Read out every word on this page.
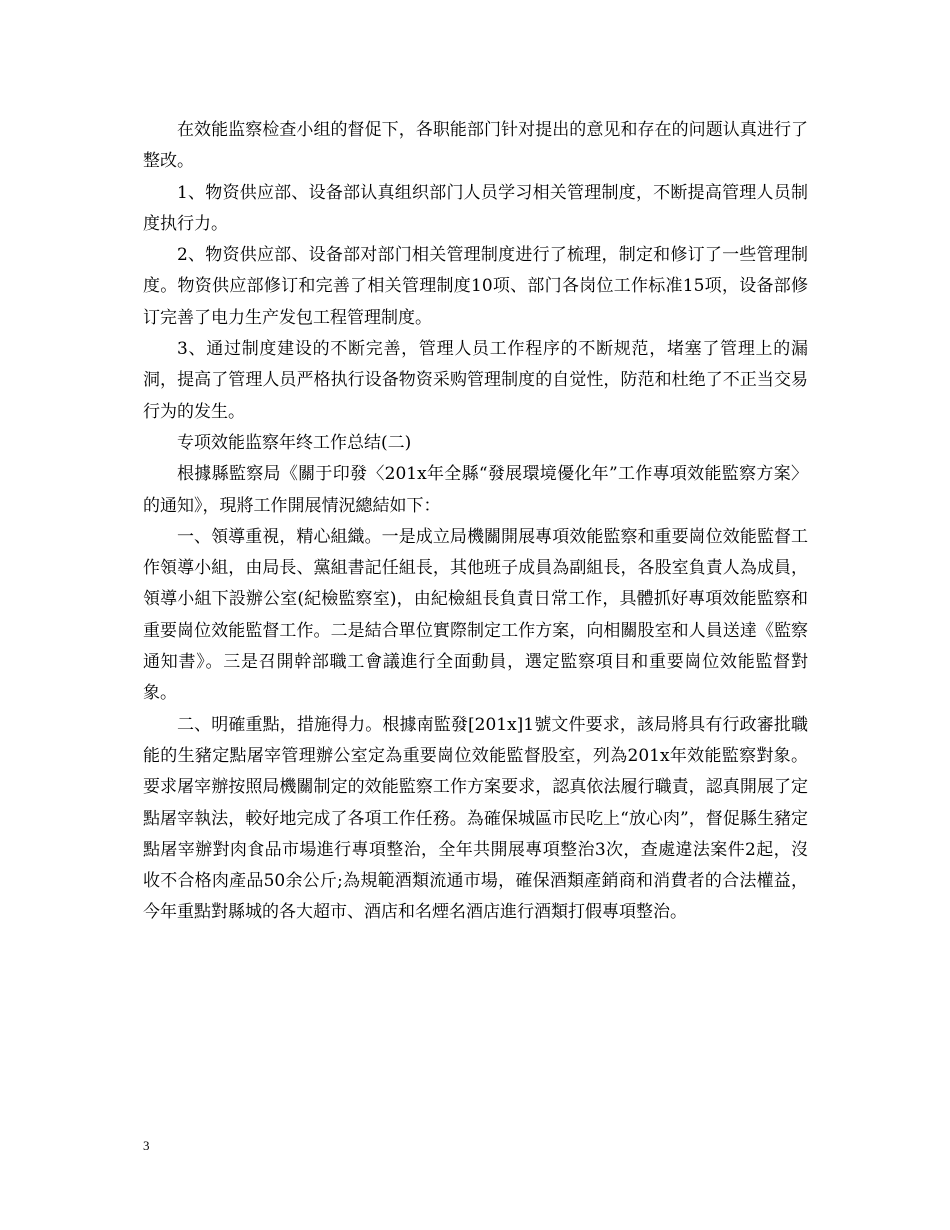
在效能监察检查小组的督促下，各职能部门针对提出的意见和存在的问题认真进行了整改。

1、物资供应部、设备部认真组织部门人员学习相关管理制度，不断提高管理人员制度执行力。

2、物资供应部、设备部对部门相关管理制度进行了梳理，制定和修订了一些管理制度。物资供应部修订和完善了相关管理制度10项、部门各岗位工作标准15项，设备部修订完善了电力生产发包工程管理制度。

3、通过制度建设的不断完善，管理人员工作程序的不断规范，堵塞了管理上的漏洞，提高了管理人员严格执行设备物资采购管理制度的自觉性，防范和杜绝了不正当交易行为的发生。

专项效能监察年终工作总结(二)

根據縣監察局《關于印發〈201x年全縣“發展環境優化年”工作專項效能監察方案〉的通知》，現將工作開展情況總結如下：

一、領導重視，精心組織。一是成立局機關開展專項效能監察和重要崗位效能監督工作領導小組，由局長、黨組書記任組長，其他班子成員為副組長，各股室負責人為成員，領導小組下設辦公室(紀檢監察室)，由紀檢組長負責日常工作，具體抓好專項效能監察和重要崗位效能監督工作。二是結合單位實際制定工作方案，向相關股室和人員送達《監察通知書》。三是召開幹部職工會議進行全面動員，選定監察項目和重要崗位效能監督對象。

二、明確重點，措施得力。根據南監發[201x]1號文件要求，該局將具有行政審批職能的生豬定點屠宰管理辦公室定為重要崗位效能監督股室，列為201x年效能監察對象。要求屠宰辦按照局機關制定的效能監察工作方案要求，認真依法履行職責，認真開展了定點屠宰執法，較好地完成了各項工作任務。為確保城區市民吃上“放心肉”，督促縣生豬定點屠宰辦對肉食品市場進行專項整治，全年共開展專項整治3次，查處違法案件2起，沒收不合格肉產品50余公斤;為規範酒類流通市場，確保酒類產銷商和消費者的合法權益，今年重點對縣城的各大超市、酒店和名煙名酒店進行酒類打假專項整治。

3
